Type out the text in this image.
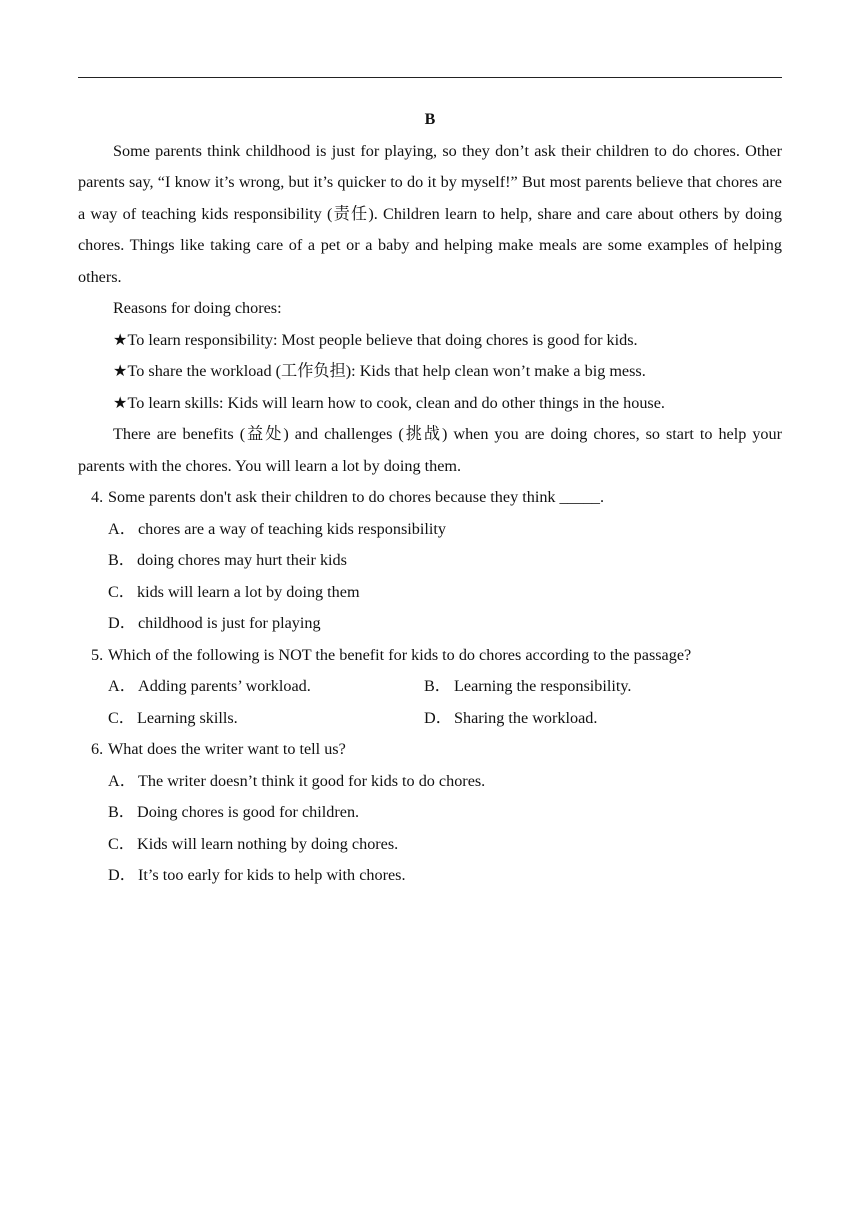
B

Some parents think childhood is just for playing, so they don’t ask their children to do chores. Other parents say, “I know it’s wrong, but it’s quicker to do it by myself!” But most parents believe that chores are a way of teaching kids responsibility (责任). Children learn to help, share and care about others by doing chores. Things like taking care of a pet or a baby and helping make meals are some examples of helping others.

Reasons for doing chores:

★To learn responsibility: Most people believe that doing chores is good for kids.

★To share the workload (工作负担): Kids that help clean won’t make a big mess.

★To learn skills: Kids will learn how to cook, clean and do other things in the house.

There are benefits (益处) and challenges (挑战) when you are doing chores, so start to help your parents with the chores. You will learn a lot by doing them.

4. Some parents don't ask their children to do chores because they think _____.

A． chores are a way of teaching kids responsibility

B． doing chores may hurt their kids

C． kids will learn a lot by doing them

D． childhood is just for playing

5. Which of the following is NOT the benefit for kids to do chores according to the passage?

A． Adding parents’ workload.	B． Learning the responsibility.
C． Learning skills.	D． Sharing the workload.

6. What does the writer want to tell us?

A． The writer doesn’t think it good for kids to do chores.

B． Doing chores is good for children.

C． Kids will learn nothing by doing chores.

D． It’s too early for kids to help with chores.
